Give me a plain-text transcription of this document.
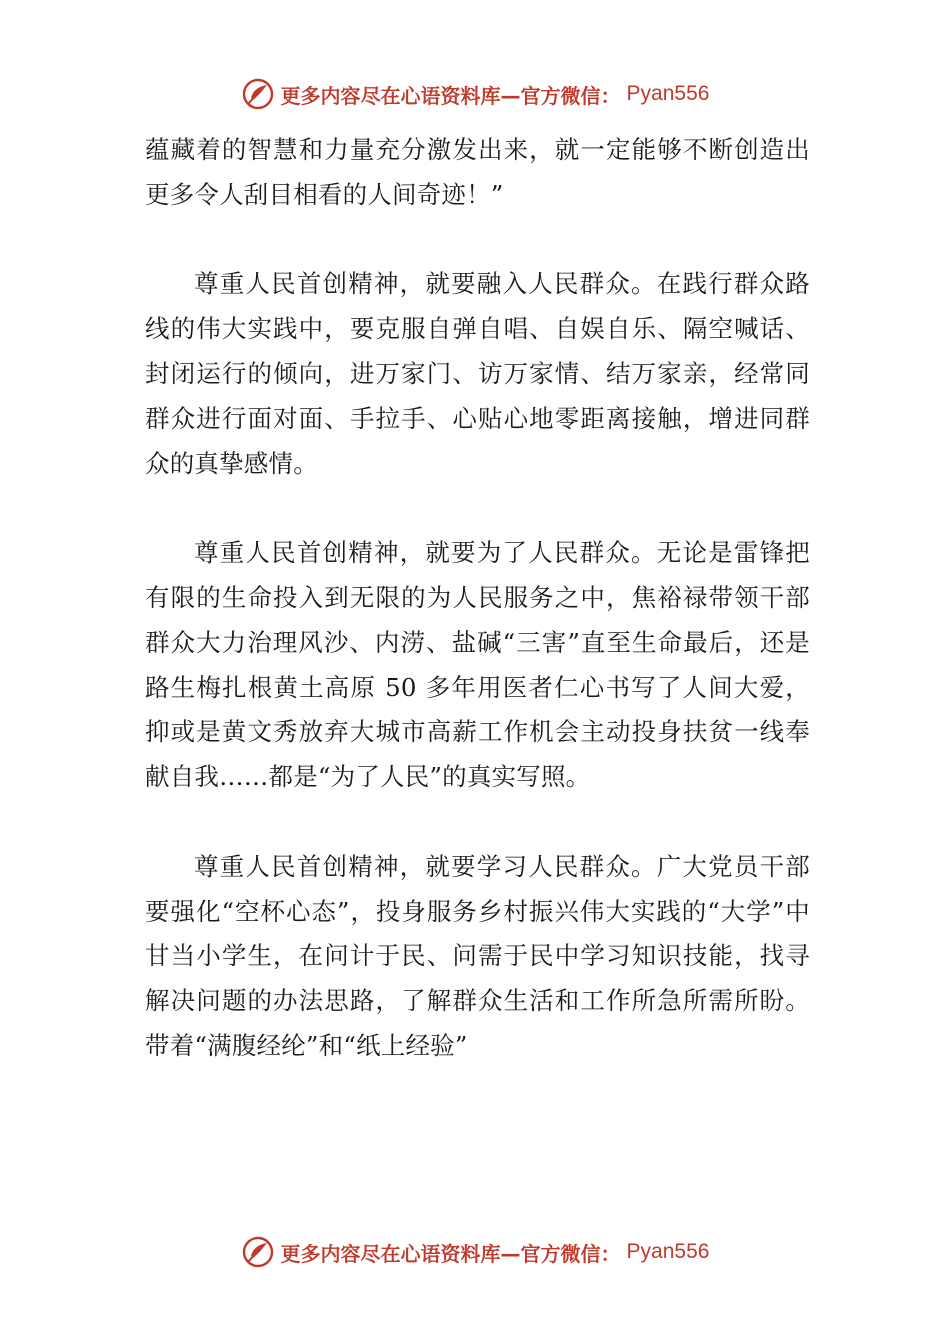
更多内容尽在心语资料库—官方微信： Pyan556

蕴藏着的智慧和力量充分激发出来，就一定能够不断创造出更多令人刮目相看的人间奇迹！”

尊重人民首创精神，就要融入人民群众。在践行群众路线的伟大实践中，要克服自弹自唱、自娱自乐、隔空喊话、封闭运行的倾向，进万家门、访万家情、结万家亲，经常同群众进行面对面、手拉手、心贴心地零距离接触，增进同群众的真挚感情。

尊重人民首创精神，就要为了人民群众。无论是雷锋把有限的生命投入到无限的为人民服务之中，焦裕禄带领干部群众大力治理风沙、内涝、盐碱“三害”直至生命最后，还是路生梅扎根黄土高原 50 多年用医者仁心书写了人间大爱，抑或是黄文秀放弃大城市高薪工作机会主动投身扶贫一线奉献自我……都是“为了人民”的真实写照。

尊重人民首创精神，就要学习人民群众。广大党员干部要强化“空杯心态”，投身服务乡村振兴伟大实践的“大学”中甘当小学生，在问计于民、问需于民中学习知识技能，找寻解决问题的办法思路，了解群众生活和工作所急所需所盼。带着“满腹经纶”和“纸上经验”

更多内容尽在心语资料库—官方微信： Pyan556
